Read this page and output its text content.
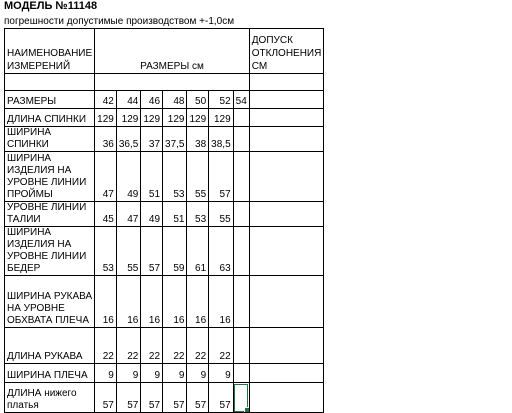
МОДЕЛЬ №11148
погрешности допустимые производством +-1,0см
НАИМЕНОВАНИЕ ИЗМЕРЕНИЙ	РАЗМЕРЫ см							ДОПУСК ОТКЛОНЕНИЯ СМ

РАЗМЕРЫ	42	44	46	48	50	52	54	
ДЛИНА СПИНКИ	129	129	129	129	129	129		
ШИРИНА СПИНКИ	36	36,5	37	37,5	38	38,5		
ШИРИНА ИЗДЕЛИЯ НА УРОВНЕ ЛИНИИ ПРОЙМЫ	47	49	51	53	55	57		
УРОВНЕ ЛИНИИ ТАЛИИ	45	47	49	51	53	55		
ШИРИНА ИЗДЕЛИЯ НА УРОВНЕ ЛИНИИ БЕДЕР	53	55	57	59	61	63		
ШИРИНА РУКАВА НА УРОВНЕ ОБХВАТА ПЛЕЧА	16	16	16	16	16	16		
ДЛИНА РУКАВА	22	22	22	22	22	22		
ШИРИНА ПЛЕЧА	9	9	9	9	9	9		
ДЛИНА нижего платья	57	57	57	57	57	57		
